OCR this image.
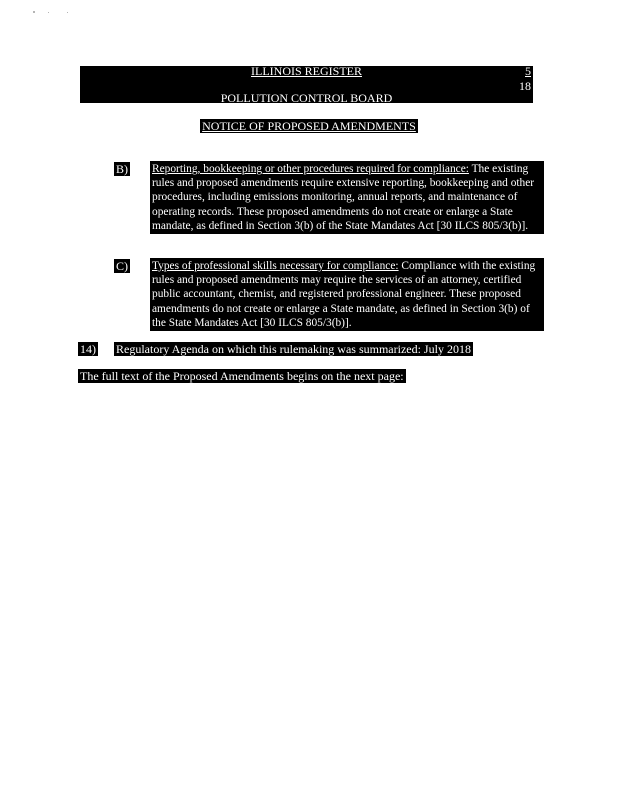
ILLINOIS REGISTER	5
18
POLLUTION CONTROL BOARD
NOTICE OF PROPOSED AMENDMENTS
B) Reporting, bookkeeping or other procedures required for compliance: The existing rules and proposed amendments require extensive reporting, bookkeeping and other procedures, including emissions monitoring, annual reports, and maintenance of operating records. These proposed amendments do not create or enlarge a State mandate, as defined in Section 3(b) of the State Mandates Act [30 ILCS 805/3(b)].
C) Types of professional skills necessary for compliance: Compliance with the existing rules and proposed amendments may require the services of an attorney, certified public accountant, chemist, and registered professional engineer. These proposed amendments do not create or enlarge a State mandate, as defined in Section 3(b) of the State Mandates Act [30 ILCS 805/3(b)].
14) Regulatory Agenda on which this rulemaking was summarized: July 2018
The full text of the Proposed Amendments begins on the next page:
